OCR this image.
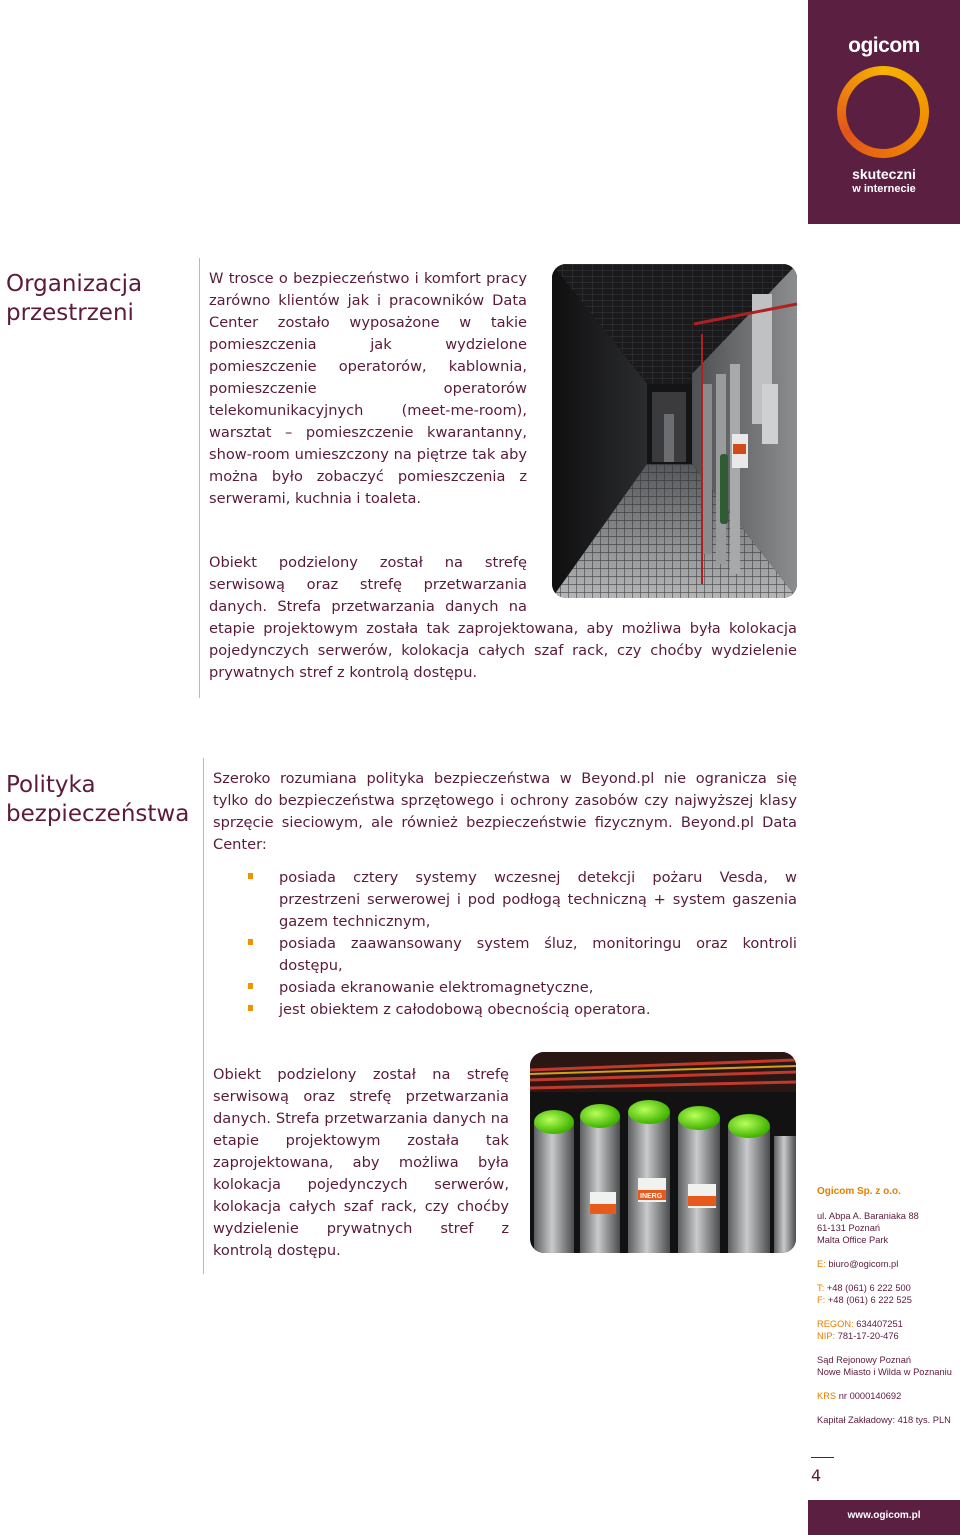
ogicom
skuteczni
w internecie
Organizacja
przestrzeni
W trosce o bezpieczeństwo i komfort pracy
zarówno klientów jak i pracowników Data
Center zostało wyposażone w takie
pomieszczenia jak wydzielone
pomieszczenie operatorów, kablownia,
pomieszczenie operatorów
telekomunikacyjnych (meet-me-room),
warsztat – pomieszczenie kwarantanny,
show-room umieszczony na piętrze tak aby
można było zobaczyć pomieszczenia z
serwerami, kuchnia i toaleta.
Obiekt podzielony został na strefę
serwisową oraz strefę przetwarzania
danych. Strefa przetwarzania danych na
etapie projektowym została tak zaprojektowana, aby możliwa była kolokacja
pojedynczych serwerów, kolokacja całych szaf rack, czy choćby wydzielenie
prywatnych stref z kontrolą dostępu.
Polityka
bezpieczeństwa
Szeroko rozumiana polityka bezpieczeństwa w Beyond.pl nie ogranicza się
tylko do bezpieczeństwa sprzętowego i ochrony zasobów czy najwyższej klasy
sprzęcie sieciowym, ale również bezpieczeństwie fizycznym. Beyond.pl Data
Center:
posiada cztery systemy wczesnej detekcji pożaru Vesda, w
przestrzeni serwerowej i pod podłogą techniczną + system gaszenia
gazem technicznym,
posiada zaawansowany system śluz, monitoringu oraz kontroli
dostępu,
posiada ekranowanie elektromagnetyczne,
jest obiektem z całodobową obecnością operatora.
Obiekt podzielony został na strefę
serwisową oraz strefę przetwarzania
danych. Strefa przetwarzania danych na
etapie projektowym została tak
zaprojektowana, aby możliwa była
kolokacja pojedynczych serwerów,
kolokacja całych szaf rack, czy choćby
wydzielenie prywatnych stref z
kontrolą dostępu.
INERG	Ogicom Sp. z o.o.
ul. Abpa A. Baraniaka 88
61-131 Poznań
Malta Office Park
E: biuro@ogicom.pl
T: +48 (061) 6 222 500
F: +48 (061) 6 222 525
REGON: 634407251
NIP: 781-17-20-476
Sąd Rejonowy Poznań
Nowe Miasto i Wilda w Poznaniu
KRS nr 0000140692
Kapitał Zakładowy: 418 tys. PLN
4
www.ogicom.pl
